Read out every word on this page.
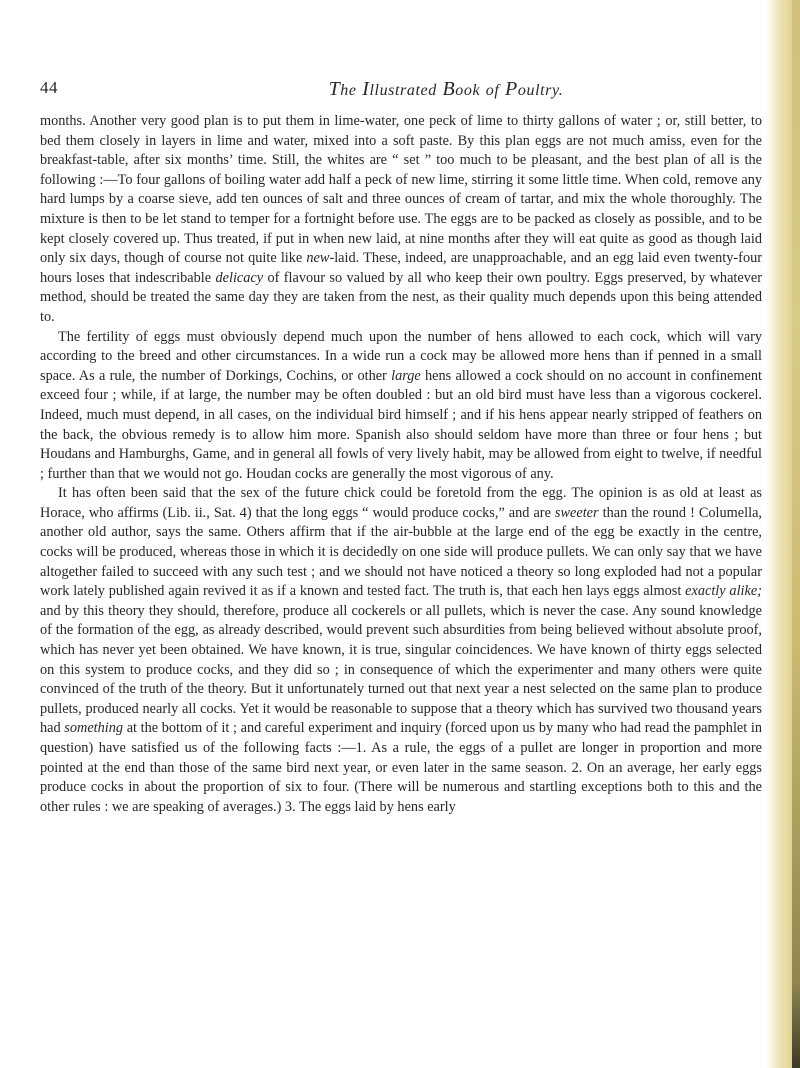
44	The Illustrated Book of Poultry.

months. Another very good plan is to put them in lime-water, one peck of lime to thirty gallons of water ; or, still better, to bed them closely in layers in lime and water, mixed into a soft paste. By this plan eggs are not much amiss, even for the breakfast-table, after six months’ time. Still, the whites are “ set ” too much to be pleasant, and the best plan of all is the following :—To four gallons of boiling water add half a peck of new lime, stirring it some little time. When cold, remove any hard lumps by a coarse sieve, add ten ounces of salt and three ounces of cream of tartar, and mix the whole thoroughly. The mixture is then to be let stand to temper for a fortnight before use. The eggs are to be packed as closely as possible, and to be kept closely covered up. Thus treated, if put in when new laid, at nine months after they will eat quite as good as though laid only six days, though of course not quite like new-laid. These, indeed, are unapproachable, and an egg laid even twenty-four hours loses that indescribable delicacy of flavour so valued by all who keep their own poultry. Eggs preserved, by whatever method, should be treated the same day they are taken from the nest, as their quality much depends upon this being attended to.

The fertility of eggs must obviously depend much upon the number of hens allowed to each cock, which will vary according to the breed and other circumstances. In a wide run a cock may be allowed more hens than if penned in a small space. As a rule, the number of Dorkings, Cochins, or other large hens allowed a cock should on no account in confinement exceed four ; while, if at large, the number may be often doubled : but an old bird must have less than a vigorous cockerel. Indeed, much must depend, in all cases, on the individual bird himself ; and if his hens appear nearly stripped of feathers on the back, the obvious remedy is to allow him more. Spanish also should seldom have more than three or four hens ; but Houdans and Hamburghs, Game, and in general all fowls of very lively habit, may be allowed from eight to twelve, if needful ; further than that we would not go. Houdan cocks are generally the most vigorous of any.

It has often been said that the sex of the future chick could be foretold from the egg. The opinion is as old at least as Horace, who affirms (Lib. ii., Sat. 4) that the long eggs “ would produce cocks,” and are sweeter than the round ! Columella, another old author, says the same. Others affirm that if the air-bubble at the large end of the egg be exactly in the centre, cocks will be produced, whereas those in which it is decidedly on one side will produce pullets. We can only say that we have altogether failed to succeed with any such test ; and we should not have noticed a theory so long exploded had not a popular work lately published again revived it as if a known and tested fact. The truth is, that each hen lays eggs almost exactly alike; and by this theory they should, therefore, produce all cockerels or all pullets, which is never the case. Any sound knowledge of the formation of the egg, as already described, would prevent such absurdities from being believed without absolute proof, which has never yet been obtained. We have known, it is true, singular coincidences. We have known of thirty eggs selected on this system to produce cocks, and they did so ; in consequence of which the experimenter and many others were quite convinced of the truth of the theory. But it unfortunately turned out that next year a nest selected on the same plan to produce pullets, produced nearly all cocks. Yet it would be reasonable to suppose that a theory which has survived two thousand years had something at the bottom of it ; and careful experiment and inquiry (forced upon us by many who had read the pamphlet in question) have satisfied us of the following facts :—1. As a rule, the eggs of a pullet are longer in proportion and more pointed at the end than those of the same bird next year, or even later in the same season. 2. On an average, her early eggs produce cocks in about the proportion of six to four. (There will be numerous and startling exceptions both to this and the other rules : we are speaking of averages.) 3. The eggs laid by hens early
